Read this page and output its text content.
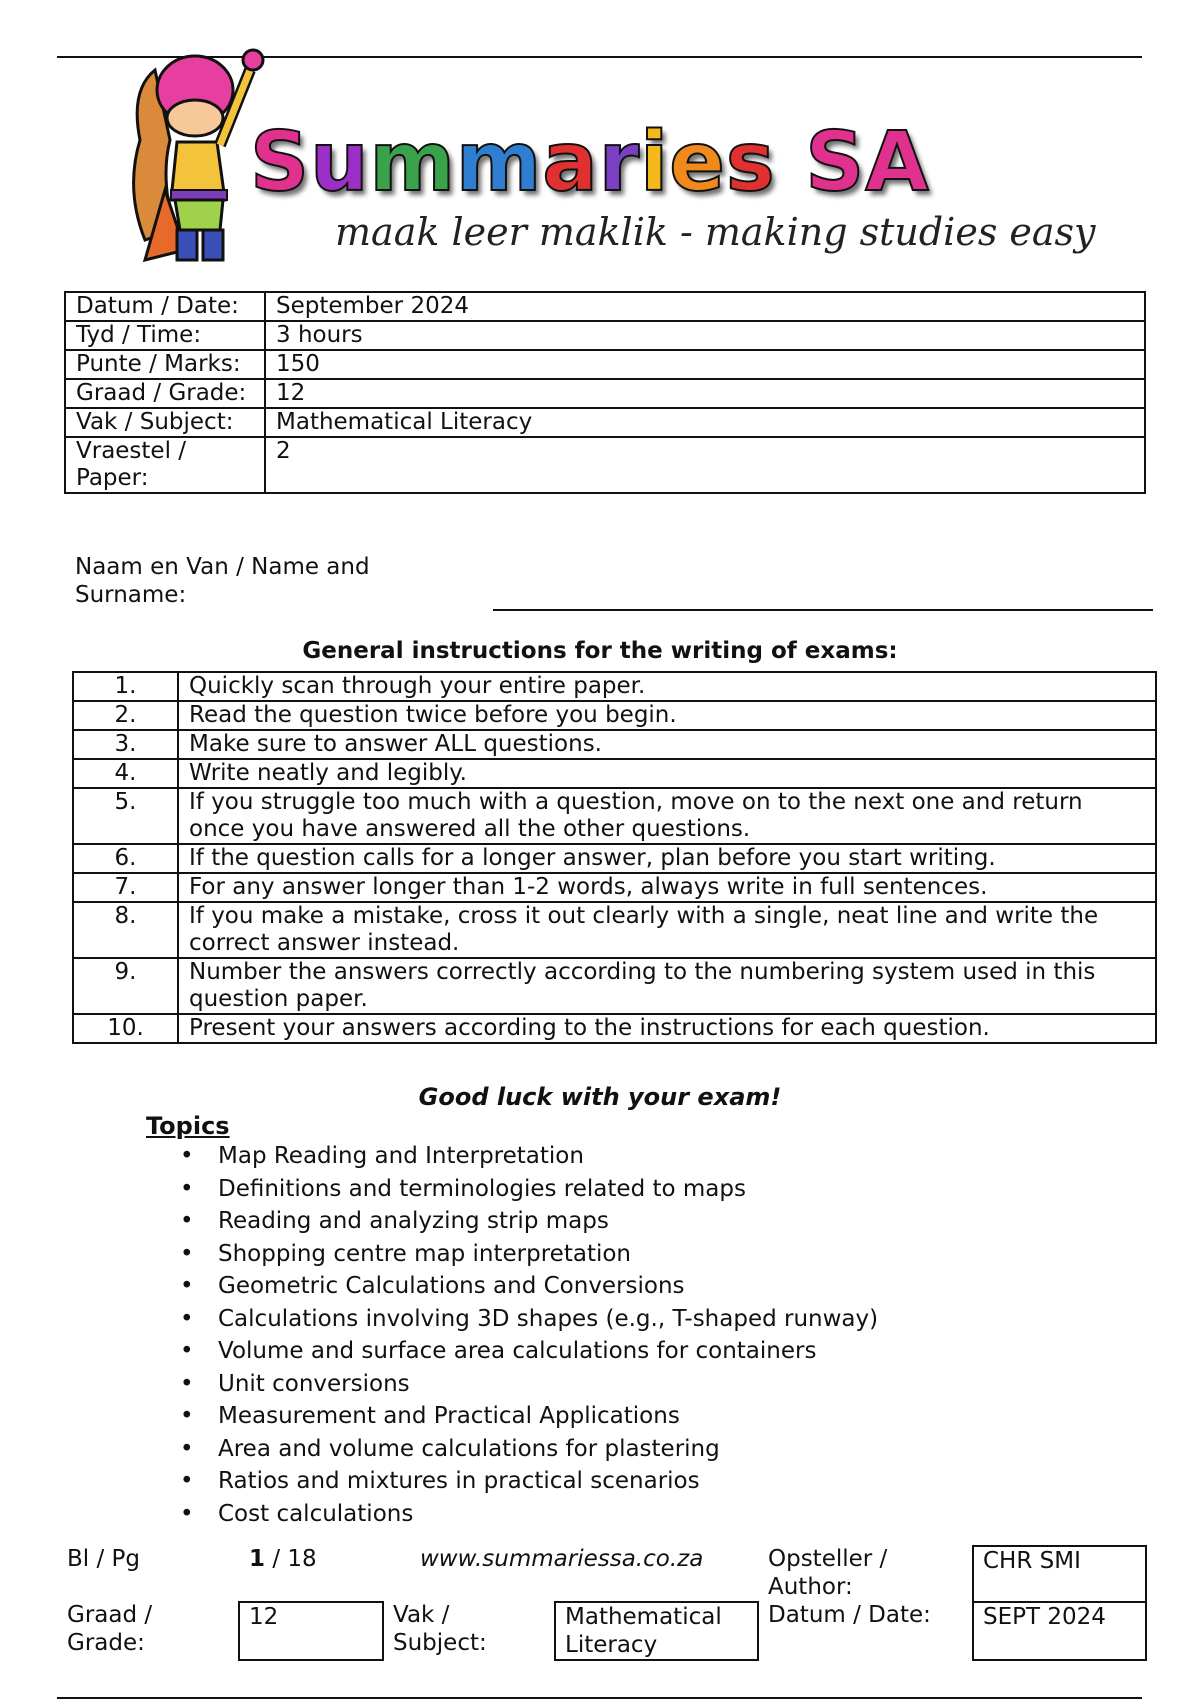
Summaries SA
maak leer maklik - making studies easy
Datum / Date:	September 2024
Tyd / Time:	3 hours
Punte / Marks:	150
Graad / Grade:	12
Vak / Subject:	Mathematical Literacy
Vraestel / Paper:	2
Naam en Van / Name and Surname:
General instructions for the writing of exams:
1.	Quickly scan through your entire paper.
2.	Read the question twice before you begin.
3.	Make sure to answer ALL questions.
4.	Write neatly and legibly.
5.	If you struggle too much with a question, move on to the next one and return once you have answered all the other questions.
6.	If the question calls for a longer answer, plan before you start writing.
7.	For any answer longer than 1-2 words, always write in full sentences.
8.	If you make a mistake, cross it out clearly with a single, neat line and write the correct answer instead.
9.	Number the answers correctly according to the numbering system used in this question paper.
10.	Present your answers according to the instructions for each question.
Good luck with your exam!
Topics
• Map Reading and Interpretation
• Definitions and terminologies related to maps
• Reading and analyzing strip maps
• Shopping centre map interpretation
• Geometric Calculations and Conversions
• Calculations involving 3D shapes (e.g., T-shaped runway)
• Volume and surface area calculations for containers
• Unit conversions
• Measurement and Practical Applications
• Area and volume calculations for plastering
• Ratios and mixtures in practical scenarios
• Cost calculations
Bl / Pg	1 / 18	www.summariessa.co.za	Opsteller / Author:
CHR SMI
Graad / Grade:
12	Vak / Subject:
Mathematical Literacy
Datum / Date:	SEPT 2024
